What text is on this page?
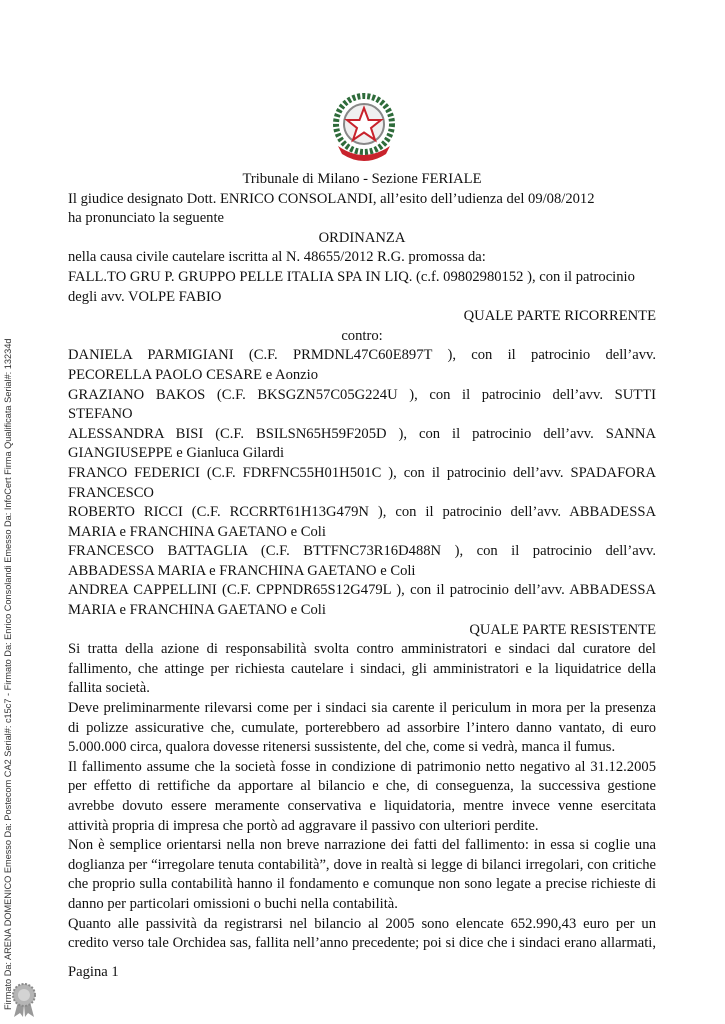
Firmato Da: ARENA DOMENICO Emesso Da: Postecom CA2 Serial#: c15c7 - Firmato Da: Enrico Consolandi Emesso Da: InfoCert Firma Qualificata Serial#: 13234d

Tribunale di Milano - Sezione FERIALE

Il giudice designato Dott. ENRICO CONSOLANDI, all’esito dell’udienza del 09/08/2012

ha pronunciato la seguente

ORDINANZA

nella causa civile cautelare iscritta al N. 48655/2012 R.G. promossa da:

FALL.TO GRU P. GRUPPO PELLE ITALIA SPA IN LIQ. (c.f. 09802980152 ), con il patrocinio

degli avv. VOLPE FABIO

QUALE PARTE RICORRENTE

contro:

DANIELA PARMIGIANI (C.F. PRMDNL47C60E897T ), con il patrocinio dell’avv.

PECORELLA PAOLO CESARE e Aonzio

GRAZIANO BAKOS (C.F. BKSGZN57C05G224U ), con il patrocinio dell’avv. SUTTI

STEFANO

ALESSANDRA BISI (C.F. BSILSN65H59F205D ), con il patrocinio dell’avv. SANNA

GIANGIUSEPPE e Gianluca Gilardi

FRANCO FEDERICI (C.F. FDRFNC55H01H501C ), con il patrocinio dell’avv. SPADAFORA

FRANCESCO

ROBERTO RICCI (C.F. RCCRRT61H13G479N ), con il patrocinio dell’avv. ABBADESSA

MARIA e FRANCHINA GAETANO e Coli

FRANCESCO BATTAGLIA (C.F. BTTFNC73R16D488N ), con il patrocinio dell’avv.

ABBADESSA MARIA e FRANCHINA GAETANO e Coli

ANDREA CAPPELLINI (C.F. CPPNDR65S12G479L ), con il patrocinio dell’avv. ABBADESSA

MARIA e FRANCHINA GAETANO e Coli

QUALE PARTE RESISTENTE

Si tratta della azione di responsabilità svolta contro amministratori e sindaci dal curatore del

fallimento, che attinge per richiesta cautelare i sindaci, gli amministratori e la liquidatrice della

fallita società.

Deve preliminarmente rilevarsi come per i sindaci sia carente il periculum in mora per la presenza

di polizze assicurative che, cumulate, porterebbero ad assorbire l’intero danno vantato, di euro

5.000.000 circa, qualora dovesse ritenersi sussistente, del che, come si vedrà, manca il fumus.

Il fallimento assume che la società fosse in condizione di patrimonio netto negativo al 31.12.2005

per effetto di rettifiche da apportare al bilancio e che, di conseguenza, la successiva gestione

avrebbe dovuto essere meramente conservativa e liquidatoria, mentre invece venne esercitata

attività propria di impresa che portò ad aggravare il passivo con ulteriori perdite.

Non è semplice orientarsi nella non breve narrazione dei fatti del fallimento: in essa si coglie una

doglianza per “irregolare tenuta contabilità”, dove in realtà si legge di bilanci irregolari, con critiche

che proprio sulla contabilità hanno il fondamento e comunque non sono legate a precise richieste di

danno per particolari omissioni o buchi nella contabilità.

Quanto alle passività da registrarsi nel bilancio al 2005 sono elencate 652.990,43 euro per un

credito verso tale Orchidea sas, fallita nell’anno precedente; poi si dice che i sindaci erano allarmati,

Pagina 1
